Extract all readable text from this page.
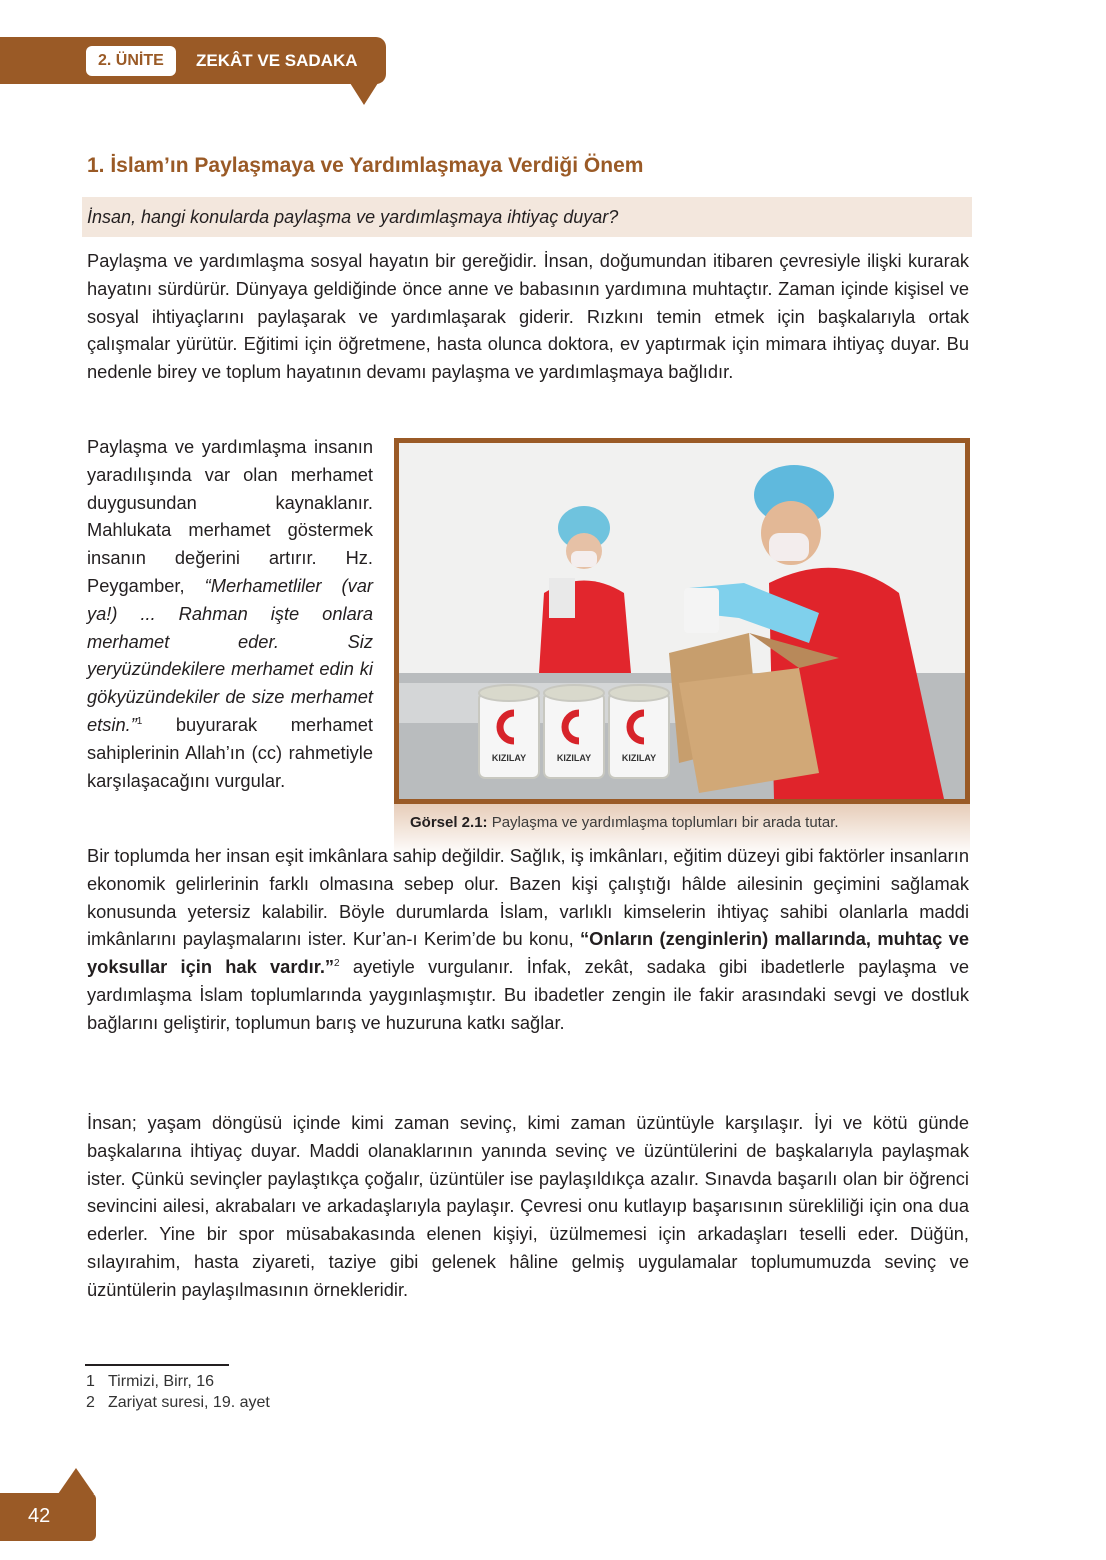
2. ÜNİTE	ZEKÂT VE SADAKA
1. İslam’ın Paylaşmaya ve Yardımlaşmaya Verdiği Önem
İnsan, hangi konularda paylaşma ve yardımlaşmaya ihtiyaç duyar?

Paylaşma ve yardımlaşma sosyal hayatın bir gereğidir. İnsan, doğumundan itibaren çevresiyle ilişki kurarak hayatını sürdürür. Dünyaya geldiğinde önce anne ve babasının yardımına muhtaçtır. Zaman içinde kişisel ve sosyal ihtiyaçlarını paylaşarak ve yardımlaşarak giderir. Rızkını temin etmek için başkalarıyla ortak çalışmalar yürütür. Eğitimi için öğretmene, hasta olunca doktora, ev yaptırmak için mimara ihtiyaç duyar. Bu nedenle birey ve toplum hayatının devamı paylaşma ve yardımlaşmaya bağlıdır.

Paylaşma ve yardımlaşma insanın yaradılışında var olan merhamet duygusundan kaynaklanır. Mahlukata merhamet göstermek insanın değerini artırır. Hz. Peygamber, “Merhametliler (var ya!) ... Rahman işte onlara merhamet eder. Siz yeryüzündekilere merhamet edin ki gökyüzündekiler de size merhamet etsin.”$^1$ buyurarak merhamet sahiplerinin Allah’ın (cc) rahmetiyle karşılaşacağını vurgular.

KIZILAY	KIZILAY	KIZILAY
Görsel 2.1: Paylaşma ve yardımlaşma toplumları bir arada tutar.

Bir toplumda her insan eşit imkânlara sahip değildir. Sağlık, iş imkânları, eğitim düzeyi gibi faktörler insanların ekonomik gelirlerinin farklı olmasına sebep olur. Bazen kişi çalıştığı hâlde ailesinin geçimini sağlamak konusunda yetersiz kalabilir. Böyle durumlarda İslam, varlıklı kimselerin ihtiyaç sahibi olanlarla maddi imkânlarını paylaşmalarını ister. Kur’an-ı Kerim’de bu konu, “Onların (zenginlerin) mallarında, muhtaç ve yoksullar için hak vardır.”$^2$ ayetiyle vurgulanır. İnfak, zekât, sadaka gibi ibadetlerle paylaşma ve yardımlaşma İslam toplumlarında yaygınlaşmıştır. Bu ibadetler zengin ile fakir arasındaki sevgi ve dostluk bağlarını geliştirir, toplumun barış ve huzuruna katkı sağlar.

İnsan; yaşam döngüsü içinde kimi zaman sevinç, kimi zaman üzüntüyle karşılaşır. İyi ve kötü günde başkalarına ihtiyaç duyar. Maddi olanaklarının yanında sevinç ve üzüntülerini de başkalarıyla paylaşmak ister. Çünkü sevinçler paylaştıkça çoğalır, üzüntüler ise paylaşıldıkça azalır. Sınavda başarılı olan bir öğrenci sevincini ailesi, akrabaları ve arkadaşlarıyla paylaşır. Çevresi onu kutlayıp başarısının sürekliliği için ona dua ederler. Yine bir spor müsabakasında elenen kişiyi, üzülmemesi için arkadaşları teselli eder. Düğün, sılayırahim, hasta ziyareti, taziye gibi gelenek hâline gelmiş uygulamalar toplumumuzda sevinç ve üzüntülerin paylaşılmasının örnekleridir.

1 Tirmizi, Birr, 16
2 Zariyat suresi, 19. ayet
42
